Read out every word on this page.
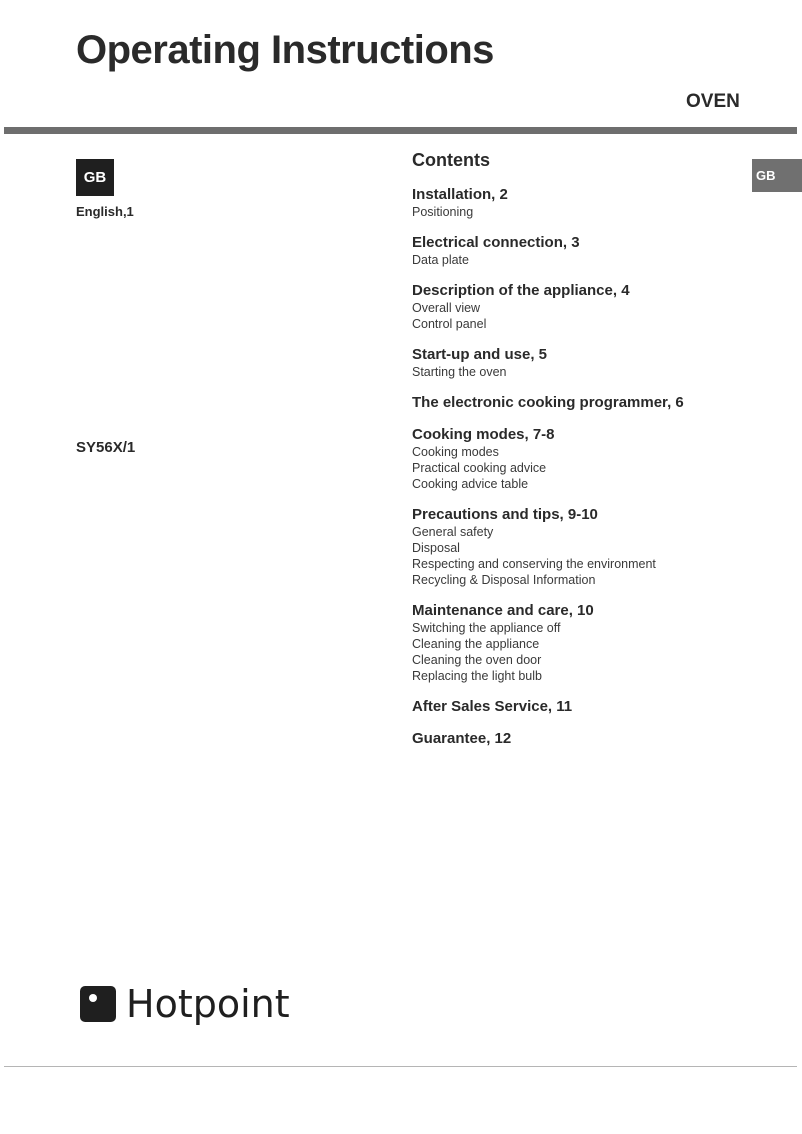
Operating Instructions
OVEN
GB
English,1
SY56X/1
GB
Contents
Installation, 2
Positioning
Electrical connection, 3
Data plate
Description of the appliance, 4
Overall view
Control panel
Start-up and use, 5
Starting the oven
The electronic cooking programmer, 6
Cooking modes, 7-8
Cooking modes
Practical cooking advice
Cooking advice table
Precautions and tips, 9-10
General safety
Disposal
Respecting and conserving the environment
Recycling & Disposal Information
Maintenance and care, 10
Switching the appliance off
Cleaning the appliance
Cleaning the oven door
Replacing the light bulb
After Sales Service, 11
Guarantee, 12
Hotpoint
